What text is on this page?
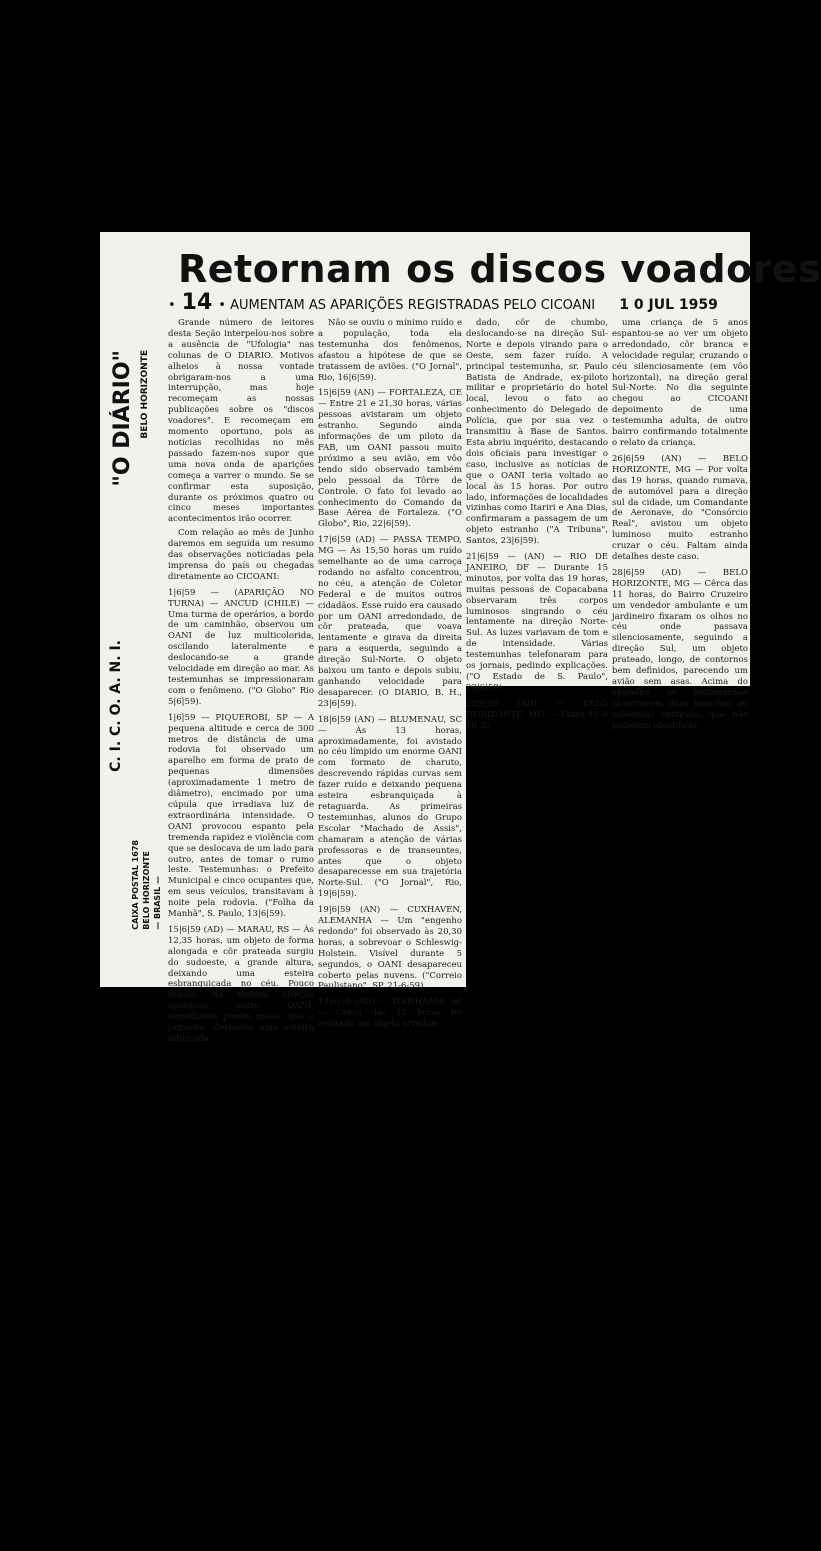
Retornam os discos voadores
• 14 • AUMENTAM AS APARIÇÕES REGISTRADAS PELO CICOANI 1 0 JUL 1959
"O DIÁRIO" BELO HORIZONTE
C. I. C. O. A. N. I.
CAIXA POSTAL 1678 BELO HORIZONTE — BRASIL —

Grande número de leitores desta Seção interpelou-nos sobre a ausência de "Ufologia" nas colunas de O DIARIO. Motivos alheios à nossa vontade obrigaram-nos a uma interrupção, mas hoje recomeçam as nossas publicações sobre os "discos voadores". E recomeçam em momento oportuno, pois as notícias recolhidas no mês passado fazem-nos supor que uma nova onda de aparições começa a varrer o mundo. Se se confirmar esta suposição, durante os próximos quatro ou cinco meses importantes acontecimentos irão ocorrer.

Com relação ao mês de Junho daremos em seguida um resumo das observações noticiadas pela imprensa do país ou chegadas diretamente ao CICOANI:

1|6|59 — (APARIÇÃO NO TURNA) — ANCUD (CHILE) — Uma turma de operários, a bordo de um caminhão, observou um OANI de luz multicolorida, oscilando lateralmente e deslocando-se a grande velocidade em direção ao mar. As testemunhas se impressionaram com o fenômeno. ("O Globo" Rio 5|6|59).

1|6|59 — PIQUEROBI, SP — A pequena altitude e cerca de 300 metros de distância de uma rodovia foi observado um aparelho em forma de prato de pequenas dimensões (aproximadamente 1 metro de diâmetro), encimado por uma cúpula que irradiava luz de extraordinária intensidade. O OANI provocou espanto pela tremenda rapidez e violência com que se deslocava de um lado para outro, antes de tomar o rumo leste. Testemunhas: o Prefeito Municipal e cinco ocupantes que, em seus veículos, transitavam à noite pela rodovia. ("Folha da Manhã", S. Paulo, 13|6|59).

15|6|59 (AD) — MARAU, RS — Às 12,35 horas, um objeto de forma alongada e côr prateada surgiu do sudoeste, a grande altura, deixando uma esteira esbranquiçada no céu. Pouco depois, da mesma direção apareceu outro OANI, semelhante porém maior que o primeiro, deixando uma esteira bifurcada.

Não se ouviu o mínimo ruído e a população, toda ela testemunha dos fenômenos, afastou a hipótese de que se tratassem de aviões. ("O Jornal", Rio, 16|6|59).

15|6|59 (AN) — FORTALEZA, CE — Entre 21 e 21,30 horas, várias pessoas avistaram um objeto estranho. Segundo ainda informações de um piloto da FAB, um OANI passou muito próximo a seu avião, em vôo tendo sido observado também pelo pessoal da Tôrre de Controle. O fato foi levado ao conhecimento do Comando da Base Aérea de Fortaleza. ("O Globo", Rio, 22|6|59).

17|6|59 (AD) — PASSA TEMPO, MG — Às 15,50 horas um ruído semelhante ao de uma carroça rodando no asfalto concentrou, no céu, a atenção de Coletor Federal e de muitos outros cidadãos. Esse ruído era causado por um OANI arredondado, de côr prateada, que voava lentamente e girava da direita para a esquerda, seguindo a direção Sul-Norte. O objeto baixou um tanto e depois subiu, ganhando velocidade para desaparecer. (O DIARIO, B. H., 23|6|59).

18|6|59 (AN) — BLUMENAU, SC — Às 13 horas, aproximadamente, foi avistado no céu límpido um enorme OANI com formato de charuto, descrevendo rápidas curvas sem fazer ruído e deixando pequena esteira esbranquiçada à retaguarda. As primeiras testemunhas, alunos do Grupo Escolar "Machado de Assis", chamaram a atenção de várias professoras e de transeuntes, antes que o objeto desaparecesse em sua trajetória Norte-Sul. ("O Jornal", Rio, 19|6|59).

19|6|59 (AN) — CUXHAVEN, ALEMANHA — Um "engenho redondo" foi observado às 20,30 horas, a sobrevoar o Schleswig-Holstein. Visível durante 5 segundos, o OANI desapareceu coberto pelas nuvens. ("Correio Paulistano", SP, 21-6-59).

19|6|59 (AD) — ITANHAÉM, SP — Cerca das 12 horas foi avistado um objeto arredon-

dado, côr de chumbo, deslocando-se na direção Sul-Norte e depois virando para o Oeste, sem fazer ruído. A principal testemunha, sr. Paulo Batista de Andrade, ex-piloto militar e proprietário do hotel local, levou o fato ao conhecimento do Delegado de Polícia, que por sua vez o transmitiu à Base de Santos. Esta abriu inquérito, destacando dois oficiais para investigar o caso, inclusive as notícias de que o OANI teria voltado ao local às 15 horas. Por outro lado, informações de localidades vizinhas como Itariri e Ana Dias, confirmaram a passagem de um objeto estranho ("A Tribuna", Santos, 23|6|59).

21|6|59 — (AN) — RIO DE JANEIRO, DF — Durante 15 minutos, por volta das 19 horas, muitas pessoas de Copacabana observaram três corpos luminosos singrando o céu lentamente na direção Norte-Sul. As luzes variavam de tom e de intensidade. Várias testemunhas telefonaram para os jornais, pedindo explicações. ("O Estado de S. Paulo", 23|6|59).

22|6|59 (AD) — BELO HORIZONTE, MG — Entre 10 e 10,30

uma criança de 5 anos espantou-se ao ver um objeto arredondado, côr branca e velocidade regular, cruzando o céu silenciosamente (em vôo horizontal), na direção geral Sul-Norte. No dia seguinte chegou ao CICOANI depoimento de uma testemunha adulta, de outro bairro confirmando totalmente o relato da criança.

26|6|59 (AN) — BELO HORIZONTE, MG — Por volta das 19 horas, quando rumava, de automóvel para a direção sul da cidade, um Comandante de Aeronave, do "Consórcio Real", avistou um objeto luminoso muito estranho cruzar o céu. Faltam ainda detalhes deste caso.

28|6|59 (AD) — BELO HORIZONTE, MG — Cêrca das 11 horas, do Bairro Cruzeiro um vendedor ambulante e um jardineiro fixaram os olhos no céu onde passava silenciosamente, seguindo a direção Sul, um objeto prateado, longo, de contornos bem definidos, parecendo um avião sem asas. Acima do aparelho as testemunhas observaram duas manchas ou saliências verticais, que não puderam identificar.
